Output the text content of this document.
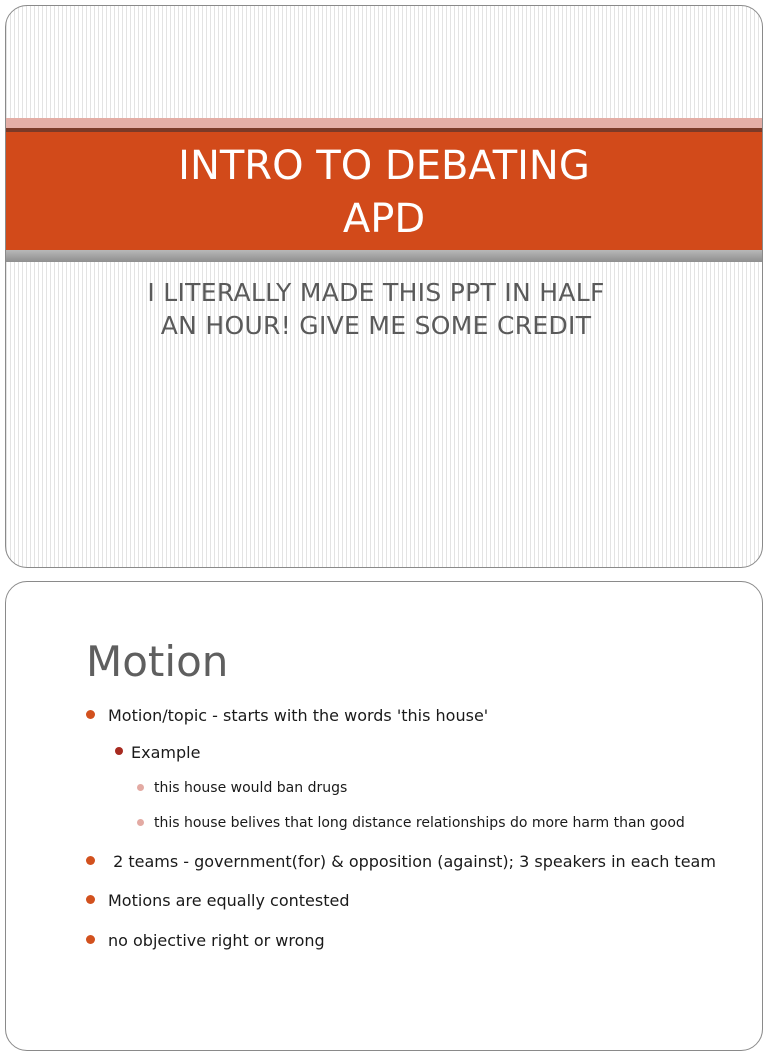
INTRO TO DEBATING
APD
I LITERALLY MADE THIS PPT IN HALF
AN HOUR! GIVE ME SOME CREDIT
Motion
Motion/topic - starts with the words 'this house'
Example
this house would ban drugs
this house belives that long distance relationships do more harm than good
2 teams - government(for) & opposition (against); 3 speakers in each team
Motions are equally contested
no objective right or wrong
